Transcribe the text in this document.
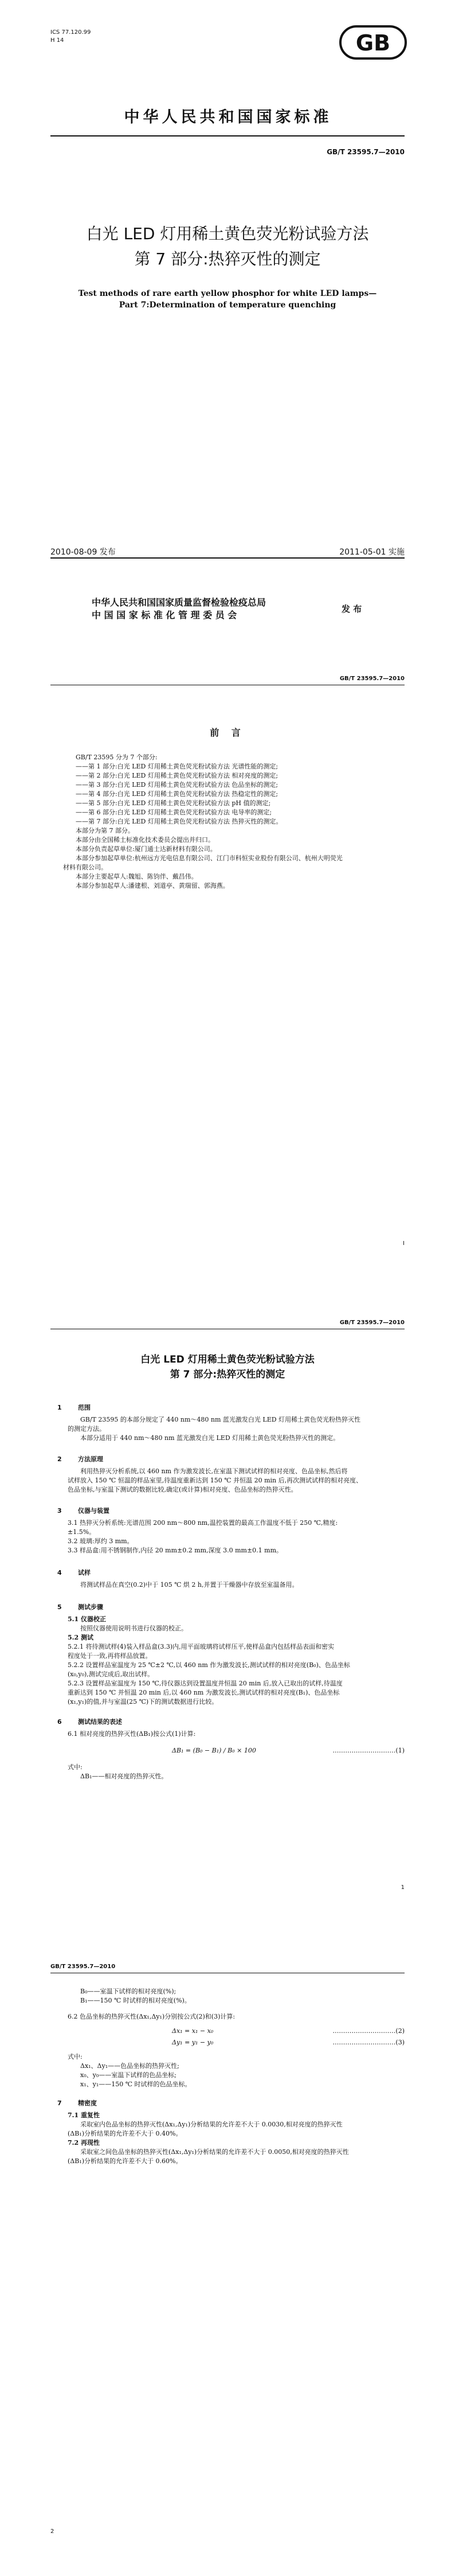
ICS 77.120.99
H 14	GB
中华人民共和国国家标准
GB/T 23595.7—2010
白光 LED 灯用稀土黄色荧光粉试验方法
第 7 部分:热猝灭性的测定
Test methods of rare earth yellow phosphor for white LED lamps—
Part 7:Determination of temperature quenching
2010-08-09 发布	2011-05-01 实施
中华人民共和国国家质量监督检验检疫总局
中 国 国 家 标 准 化 管 理 委 员 会
发 布
GB/T 23595.7—2010
前 言
GB/T 23595 分为 7 个部分:
——第 1 部分:白光 LED 灯用稀土黄色荧光粉试验方法 光谱性能的测定;
——第 2 部分:白光 LED 灯用稀土黄色荧光粉试验方法 相对亮度的测定;
——第 3 部分:白光 LED 灯用稀土黄色荧光粉试验方法 色品坐标的测定;
——第 4 部分:白光 LED 灯用稀土黄色荧光粉试验方法 热稳定性的测定;
——第 5 部分:白光 LED 灯用稀土黄色荧光粉试验方法 pH 值的测定;
——第 6 部分:白光 LED 灯用稀土黄色荧光粉试验方法 电导率的测定;
——第 7 部分:白光 LED 灯用稀土黄色荧光粉试验方法 热猝灭性的测定。
本部分为第 7 部分。
本部分由全国稀土标准化技术委员会提出并归口。
本部分负责起草单位:厦门通士达新材料有限公司。
本部分参加起草单位:杭州远方光电信息有限公司、江门市科恒实业股份有限公司、杭州大明荧光
材料有限公司。
本部分主要起草人:魏旭、陈钧伴、戴昌伟。
本部分参加起草人:潘建根、刘道亭、黄瑞留、郭海燕。
I
GB/T 23595.7—2010
白光 LED 灯用稀土黄色荧光粉试验方法
第 7 部分:热猝灭性的测定
1	范围
GB/T 23595 的本部分规定了 440 nm～480 nm 蓝光激发白光 LED 灯用稀土黄色荧光粉热猝灭性
的测定方法。
本部分适用于 440 nm～480 nm 蓝光激发白光 LED 灯用稀土黄色荧光粉热猝灭性的测定。
2	方法原理
利用热猝灭分析系统,以 460 nm 作为激发波长,在室温下测试试样的相对亮度、色品坐标,然后将
试样放入 150 ℃ 恒温的样品室里,待温度重新达到 150 ℃ 并恒温 20 min 后,再次测试试样的相对亮度、
色品坐标,与室温下测试的数据比较,确定(或计算)相对亮度、色品坐标的热猝灭性。
3	仪器与装置
3.1 热猝灭分析系统:光谱范围 200 nm～800 nm,温控装置的最高工作温度不低于 250 ℃,精度:
±1.5%。
3.2 玻璃:厚约 3 mm。
3.3 样品盒:用不锈钢制作,内径 20 mm±0.2 mm,深度 3.0 mm±0.1 mm。
4	试样
将测试样品在真空(0.2)中于 105 ℃ 烘 2 h,并置于干燥器中存放至室温备用。
5	测试步骤
5.1 仪器校正
按照仪器使用说明书进行仪器的校正。
5.2 测试
5.2.1 将待测试样(4)装入样品盒(3.3)内,用平面玻璃将试样压平,使样品盒内包括样品表面和密实
程度处于一致,再将样品放置。
5.2.2 设置样品室温度为 25 ℃±2 ℃,以 460 nm 作为激发波长,测试试样的相对亮度(B₀)、色品坐标
(x₀,y₀),测试完成后,取出试样。
5.2.3 设置样品室温度为 150 ℃,待仪器达到设置温度并恒温 20 min 后,放入已取出的试样,待温度
重新达到 150 ℃ 并恒温 20 min 后,以 460 nm 为激发波长,测试试样的相对亮度(B₁)、色品坐标
(x₁,y₁)的值,并与室温(25 ℃)下的测试数据进行比较。
6	测试结果的表述
6.1 相对亮度的热猝灭性(ΔB₁)按公式(1)计算:
ΔB₁ = (B₀ − B₁) / B₀ × 100	…………………………(1)
式中:
ΔB₁——相对亮度的热猝灭性。
1
GB/T 23595.7—2010
B₀——室温下试样的相对亮度(%);
B₁——150 ℃ 时试样的相对亮度(%)。
6.2 色品坐标的热猝灭性(Δx₁,Δy₁)分别按公式(2)和(3)计算:
Δx₁ = x₁ − x₀	…………………………(2)
Δy₁ = y₁ − y₀	…………………………(3)
式中:
Δx₁、Δy₁——色品坐标的热猝灭性;
x₀、y₀——室温下试样的色品坐标;
x₁、y₁——150 ℃ 时试样的色品坐标。
7	精密度
7.1 重复性
采取室内色品坐标的热猝灭性(Δx₁,Δy₁)分析结果的允许差不大于 0.0030,相对亮度的热猝灭性
(ΔB₁)分析结果的允许差不大于 0.40%。
7.2 再现性
采取室之间色品坐标的热猝灭性(Δx₁,Δy₁)分析结果的允许差不大于 0.0050,相对亮度的热猝灭性
(ΔB₁)分析结果的允许差不大于 0.60%。
2
